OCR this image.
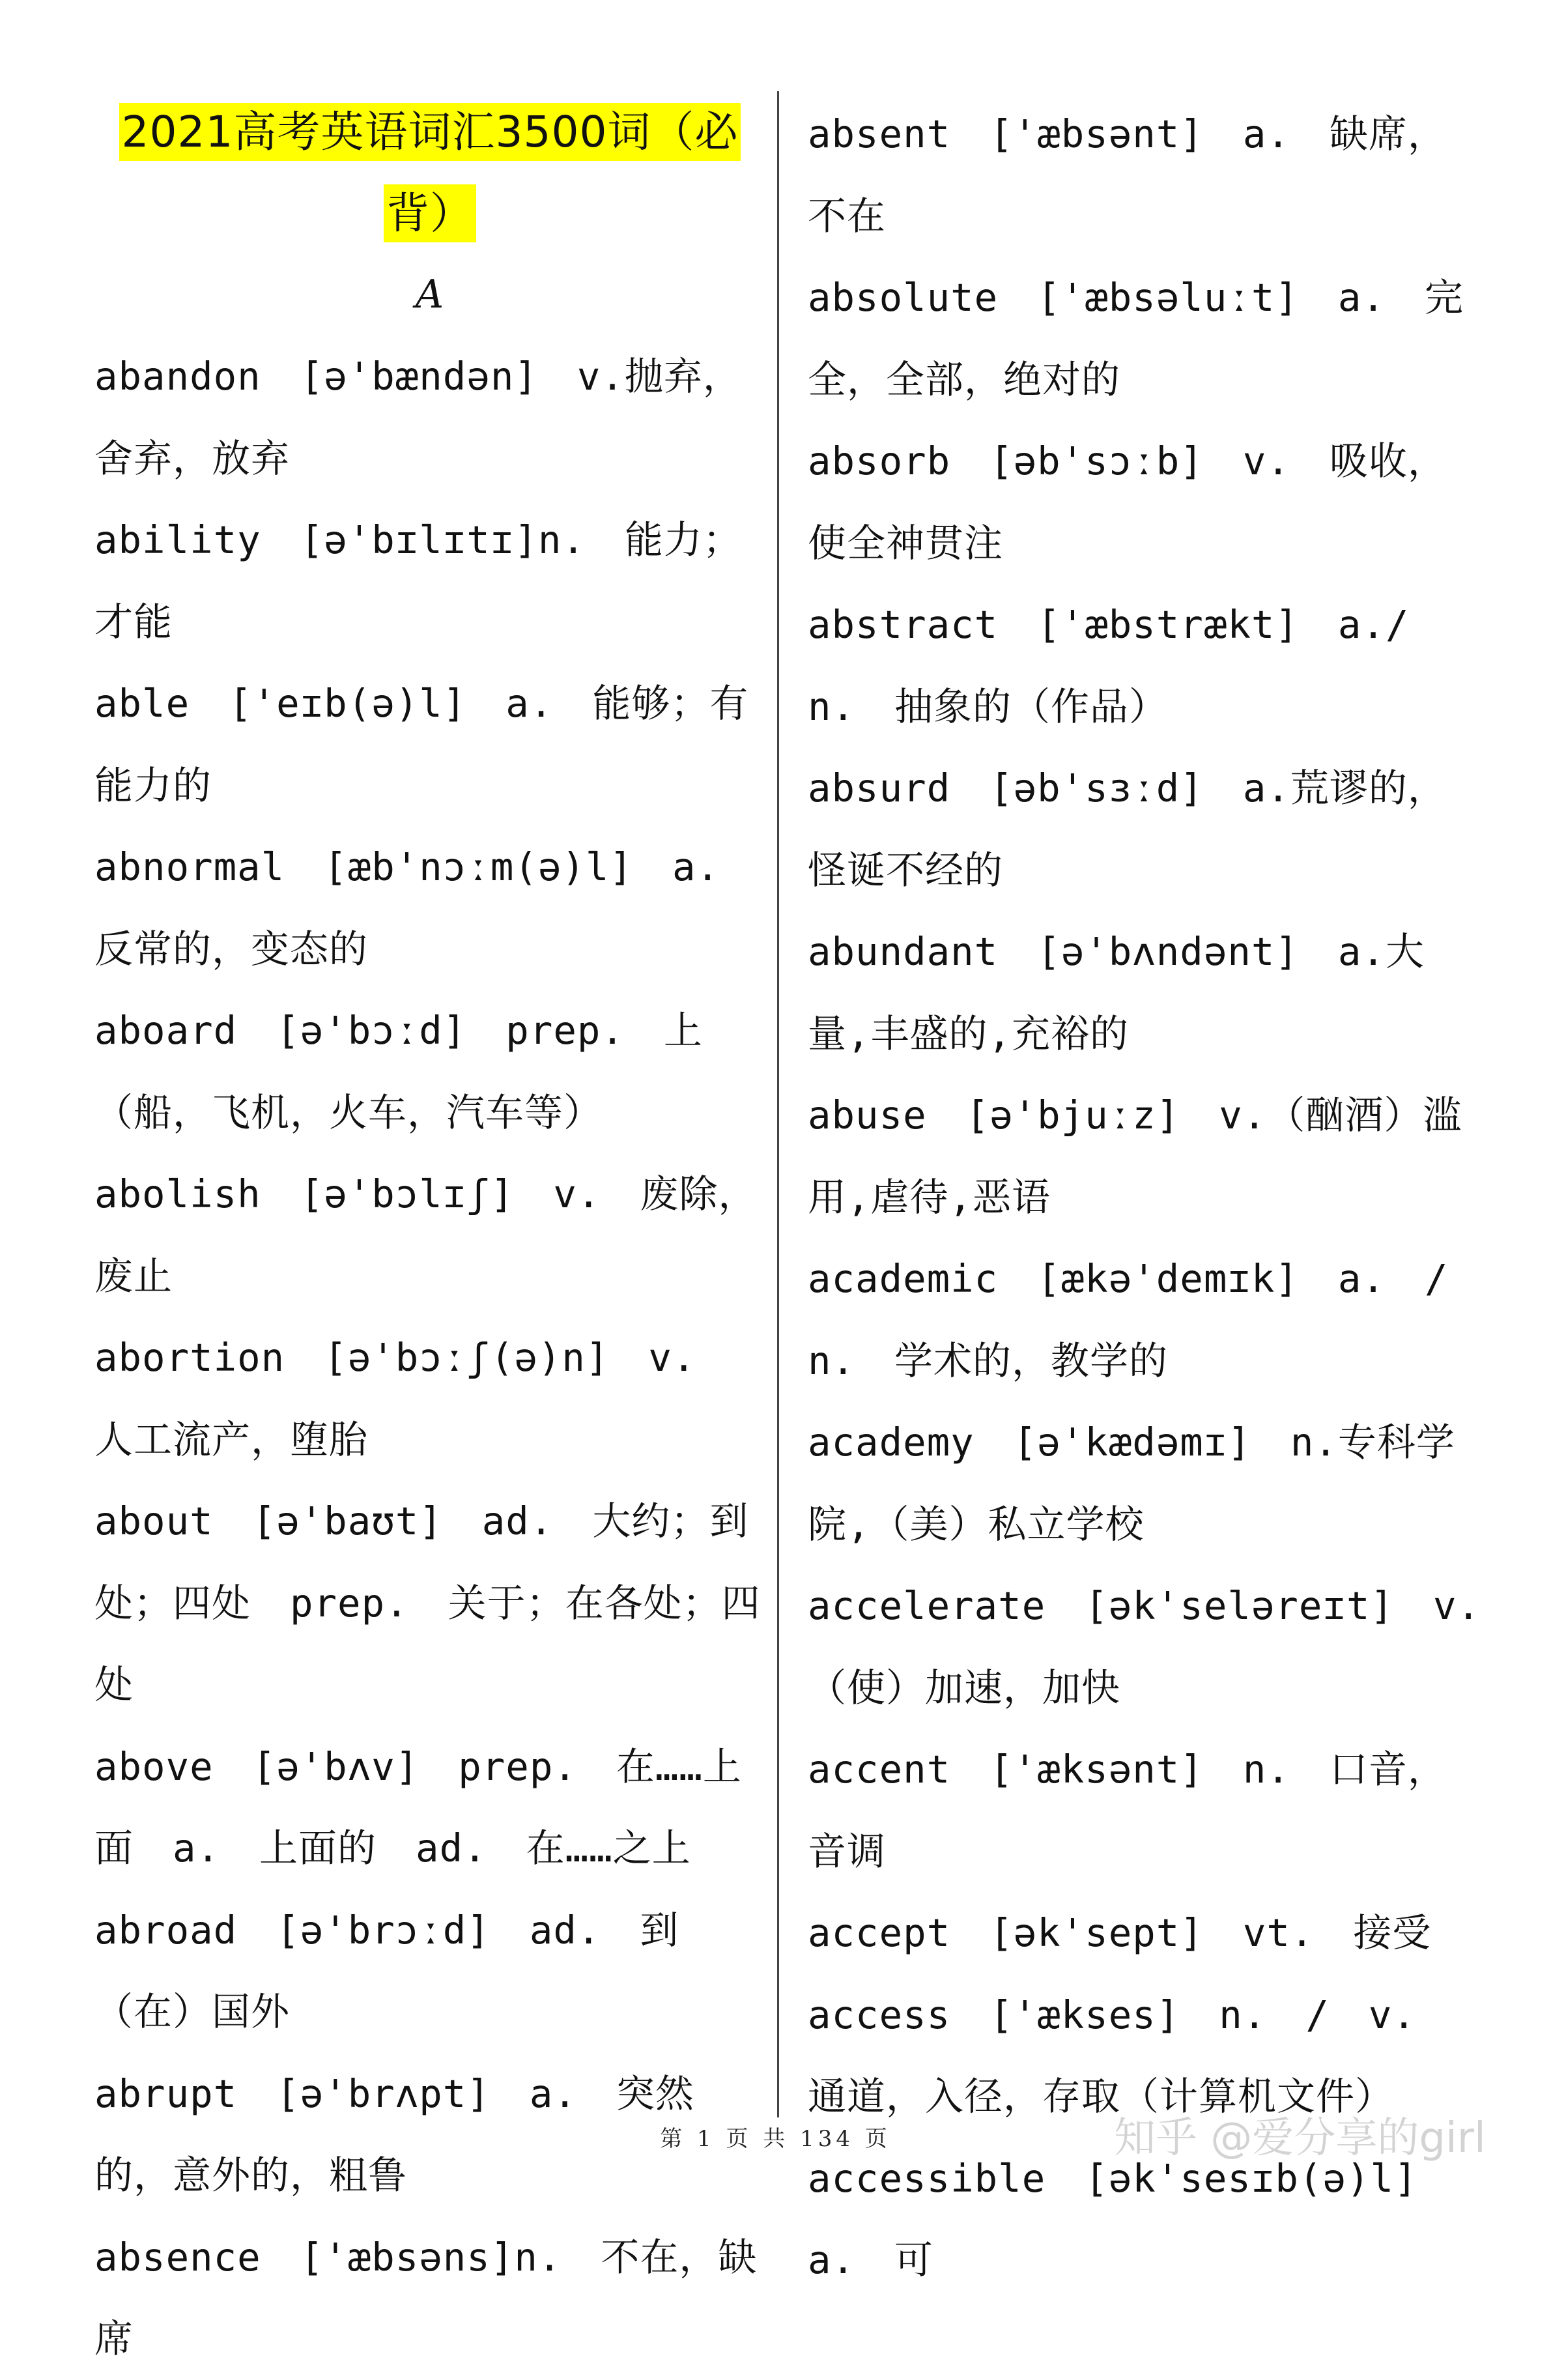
2021高考英语词汇3500词（必背）
A
abandon　[ə'bændən]　v.抛弃，舍弃，放弃
ability　[ə'bɪlɪtɪ]n.　能力；才能
able　['eɪb(ə)l]　a.　能够；有能力的
abnormal　[æb'nɔːm(ə)l]　a.　反常的，变态的
aboard　[ə'bɔːd]　prep.　上（船，飞机，火车，汽车等）
abolish　[ə'bɔlɪʃ]　v.　废除，废止
abortion　[ə'bɔːʃ(ə)n]　v.　人工流产，堕胎
about　[ə'baʊt]　ad.　大约；到处；四处　prep.　关于；在各处；四处
above　[ə'bʌv]　prep.　在……上面　a.　上面的　ad.　在……之上
abroad　[ə'brɔːd]　ad.　到（在）国外
abrupt　[ə'brʌpt]　a.　突然的，意外的，粗鲁
absence　['æbsəns]n.　不在，缺席
absent　['æbsənt]　a.　缺席，　不在
absolute　['æbsəluːt]　a.　完全，全部，绝对的
absorb　[əb'sɔːb]　v.　吸收，使全神贯注
abstract　['æbstrækt]　a./　n.　抽象的（作品）
absurd　[əb'sɜːd]　a.荒谬的，怪诞不经的
abundant　[ə'bʌndənt]　a.大量,丰盛的,充裕的
abuse　[ə'bjuːz]　v.（酗酒）滥用,虐待,恶语
academic　[ækə'demɪk]　a.　/　n.　学术的，教学的
academy　[ə'kædəmɪ]　n.专科学院,（美）私立学校
accelerate　[ək'seləreɪt]　v.（使）加速，加快
accent　['æksənt]　n.　口音，音调
accept　[ək'sept]　vt.　接受
access　['ækses]　n.　/　v.　通道，入径，存取（计算机文件）
accessible　[ək'sesɪb(ə)l]　a.　可
第 1 页 共 134 页	知乎 @爱分享的girl
